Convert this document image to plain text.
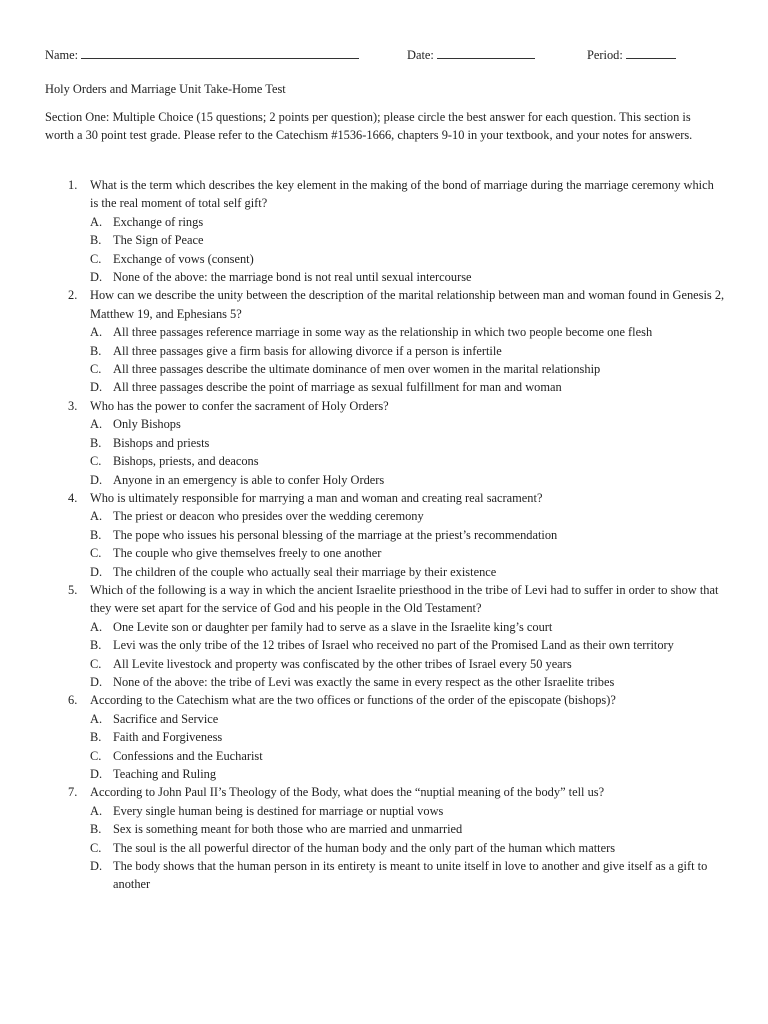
Name:	Date:	Period:
Holy Orders and Marriage Unit Take-Home Test
Section One: Multiple Choice (15 questions; 2 points per question); please circle the best answer for each question. This section is worth a 30 point test grade. Please refer to the Catechism #1536-1666, chapters 9-10 in your textbook, and your notes for answers.
1. What is the term which describes the key element in the making of the bond of marriage during the marriage ceremony which is the real moment of total self gift?
A. Exchange of rings
B. The Sign of Peace
C. Exchange of vows (consent)
D. None of the above: the marriage bond is not real until sexual intercourse
2. How can we describe the unity between the description of the marital relationship between man and woman found in Genesis 2, Matthew 19, and Ephesians 5?
A. All three passages reference marriage in some way as the relationship in which two people become one flesh
B. All three passages give a firm basis for allowing divorce if a person is infertile
C. All three passages describe the ultimate dominance of men over women in the marital relationship
D. All three passages describe the point of marriage as sexual fulfillment for man and woman
3. Who has the power to confer the sacrament of Holy Orders?
A. Only Bishops
B. Bishops and priests
C. Bishops, priests, and deacons
D. Anyone in an emergency is able to confer Holy Orders
4. Who is ultimately responsible for marrying a man and woman and creating real sacrament?
A. The priest or deacon who presides over the wedding ceremony
B. The pope who issues his personal blessing of the marriage at the priest’s recommendation
C. The couple who give themselves freely to one another
D. The children of the couple who actually seal their marriage by their existence
5. Which of the following is a way in which the ancient Israelite priesthood in the tribe of Levi had to suffer in order to show that they were set apart for the service of God and his people in the Old Testament?
A. One Levite son or daughter per family had to serve as a slave in the Israelite king’s court
B. Levi was the only tribe of the 12 tribes of Israel who received no part of the Promised Land as their own territory
C. All Levite livestock and property was confiscated by the other tribes of Israel every 50 years
D. None of the above: the tribe of Levi was exactly the same in every respect as the other Israelite tribes
6. According to the Catechism what are the two offices or functions of the order of the episcopate (bishops)?
A. Sacrifice and Service
B. Faith and Forgiveness
C. Confessions and the Eucharist
D. Teaching and Ruling
7. According to John Paul II’s Theology of the Body, what does the “nuptial meaning of the body” tell us?
A. Every single human being is destined for marriage or nuptial vows
B. Sex is something meant for both those who are married and unmarried
C. The soul is the all powerful director of the human body and the only part of the human which matters
D. The body shows that the human person in its entirety is meant to unite itself in love to another and give itself as a gift to another
